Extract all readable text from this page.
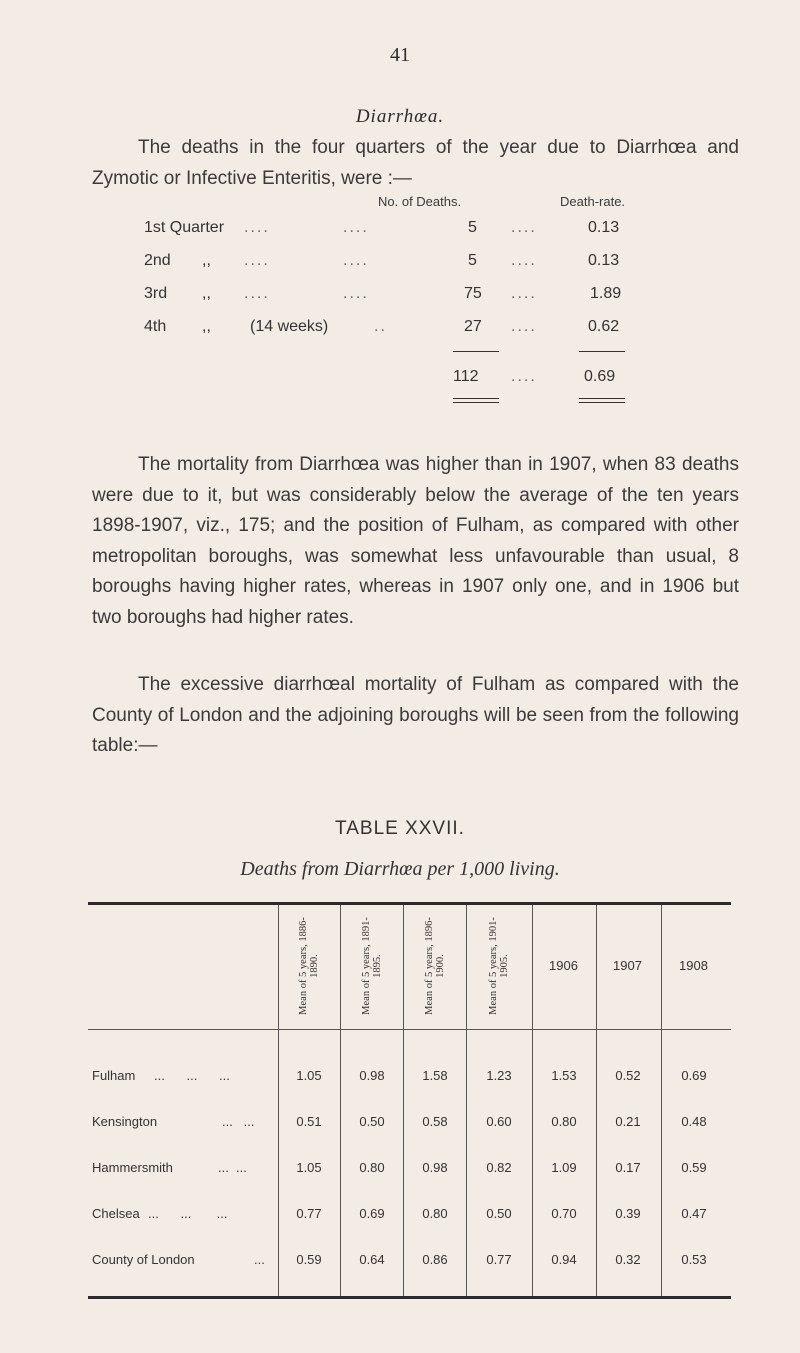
41
Diarrhœa.
The deaths in the four quarters of the year due to Diarrhœa and Zymotic or Infective Enteritis, were :—
No. of Deaths.	Death-rate.
1st Quarter ....	....	5 ....	0.13
2nd ,, ....	....	5 ....	0.13
3rd ,, ....	....	75 ....	1.89
4th ,, (14 weeks)	..	27 ....	0.62
112 ....	0.69
The mortality from Diarrhœa was higher than in 1907, when 83 deaths were due to it, but was considerably below the average of the ten years 1898-1907, viz., 175; and the position of Fulham, as compared with other metropolitan boroughs, was somewhat less unfavourable than usual, 8 boroughs having higher rates, whereas in 1907 only one, and in 1906 but two boroughs had higher rates.
The excessive diarrhœal mortality of Fulham as compared with the County of London and the adjoining boroughs will be seen from the following table:—
TABLE XXVII.
Deaths from Diarrhœa per 1,000 living.
Mean of 5 years, 1886-1890.	Mean of 5 years, 1891-1895.	Mean of 5 years, 1896-1900.	Mean of 5 years, 1901-1905.	1906	1907	1908
Fulham ...      ...      ...	1.05	0.98	1.58	1.23	1.53	0.52	0.69
Kensington	...   ...	0.51	0.50	0.58	0.60	0.80	0.21	0.48
Hammersmith	...  ...	1.05	0.80	0.98	0.82	1.09	0.17	0.59
Chelsea ...      ...       ...	0.77	0.69	0.80	0.50	0.70	0.39	0.47
County of London	...	0.59	0.64	0.86	0.77	0.94	0.32	0.53
